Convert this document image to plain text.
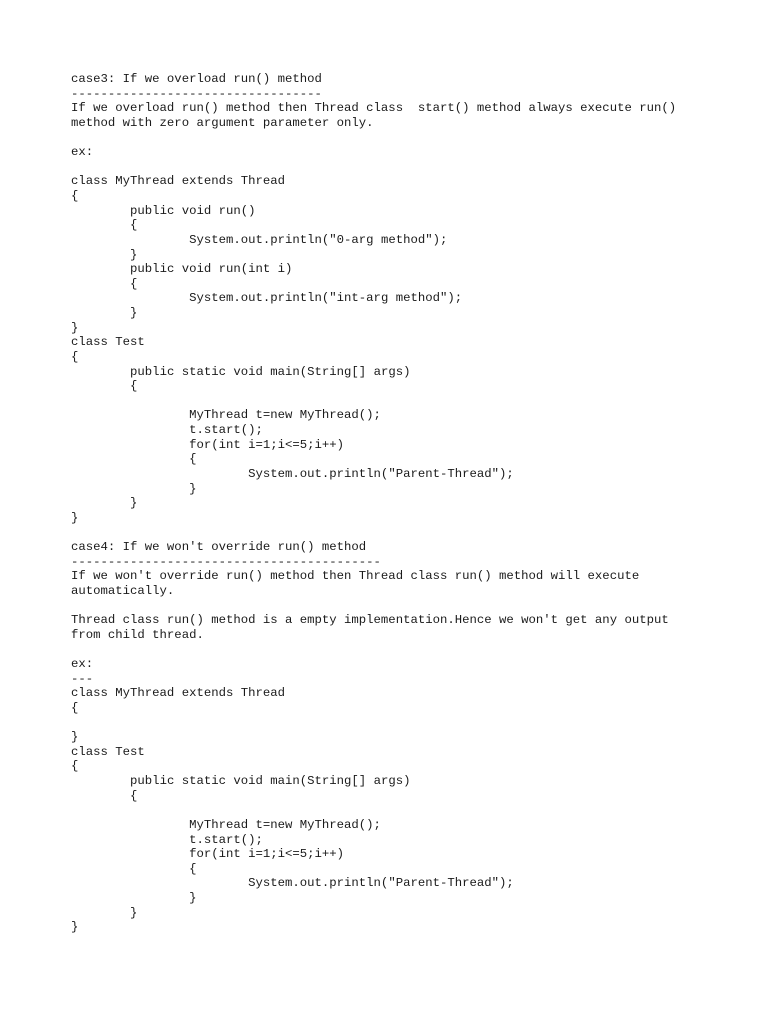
case3: If we overload run() method
----------------------------------
If we overload run() method then Thread class  start() method always execute run()
method with zero argument parameter only.
ex:
class MyThread extends Thread
{
	public void run()
	{
		System.out.println("0-arg method");
	}
	public void run(int i)
	{
		System.out.println("int-arg method");
	}
}
class Test
{
	public static void main(String[] args)
	{
		MyThread t=new MyThread();
		t.start();
		for(int i=1;i<=5;i++)
		{
			System.out.println("Parent-Thread");
		}
	}
}
case4: If we won't override run() method
------------------------------------------
If we won't override run() method then Thread class run() method will execute
automatically.
Thread class run() method is a empty implementation.Hence we won't get any output
from child thread.
ex:
---
class MyThread extends Thread
{
}
class Test
{
	public static void main(String[] args)
	{
		MyThread t=new MyThread();
		t.start();
		for(int i=1;i<=5;i++)
		{
			System.out.println("Parent-Thread");
		}
	}
}
